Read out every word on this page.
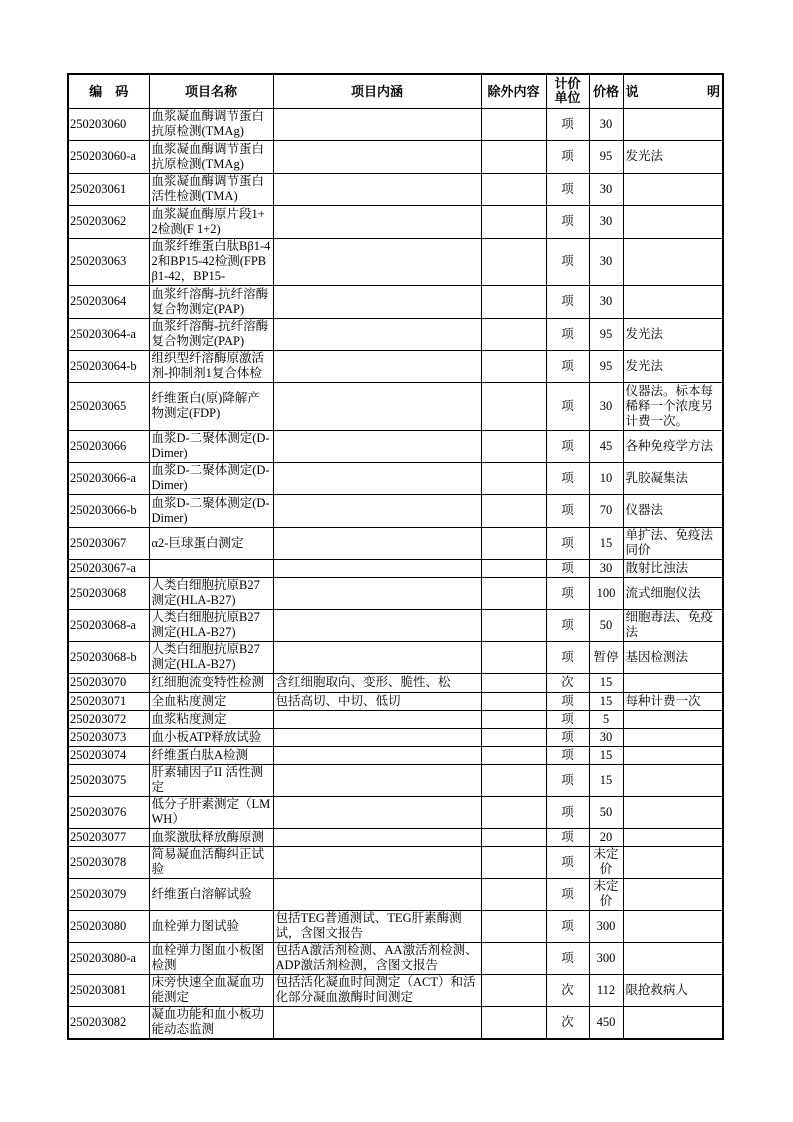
编　码	项目名称	项目内涵	除外内容	计价单位	价格	说 明

250203060	血浆凝血酶调节蛋白抗原检测(TMAg)			项	30	

250203060-a	血浆凝血酶调节蛋白抗原检测(TMAg)			项	95	发光法

250203061	血浆凝血酶调节蛋白活性检测(TMA)			项	30	

250203062	血浆凝血酶原片段1+2检测(F 1+2)			项	30	

250203063	血浆纤维蛋白肽Bβ1-42和BP15-42检测(FPBβ1-42，BP15-			项	30	

250203064	血浆纤溶酶-抗纤溶酶复合物测定(PAP)			项	30	

250203064-a	血浆纤溶酶-抗纤溶酶复合物测定(PAP)			项	95	发光法

250203064-b	组织型纤溶酶原激活剂-抑制剂1复合体检			项	95	发光法

250203065	纤维蛋白(原)降解产物测定(FDP)			项	30	仪器法。标本每稀释一个浓度另计费一次。

250203066	血浆D-二聚体测定(D-Dimer)			项	45	各种免疫学方法

250203066-a	血浆D-二聚体测定(D-Dimer)			项	10	乳胶凝集法

250203066-b	血浆D-二聚体测定(D-Dimer)			项	70	仪器法

250203067	α2-巨球蛋白测定			项	15	单扩法、免疫法同价

250203067-a				项	30	散射比浊法

250203068	人类白细胞抗原B27测定(HLA-B27)			项	100	流式细胞仪法

250203068-a	人类白细胞抗原B27测定(HLA-B27)			项	50	细胞毒法、免疫法

250203068-b	人类白细胞抗原B27测定(HLA-B27)			项	暂停	基因检测法

250203070	红细胞流变特性检测	含红细胞取向、变形、脆性、松		次	15	

250203071	全血粘度测定	包括高切、中切、低切		项	15	每种计费一次

250203072	血浆粘度测定			项	5	

250203073	血小板ATP释放试验			项	30	

250203074	纤维蛋白肽A检测			项	15	

250203075	肝素辅因子II 活性测定			项	15	

250203076	低分子肝素测定（LMWH）			项	50	

250203077	血浆激肽释放酶原测			项	20	

250203078	简易凝血活酶纠正试验			项	未定价	

250203079	纤维蛋白溶解试验			项	未定价	

250203080	血栓弹力图试验	包括TEG普通测试、TEG肝素酶测试，含图文报告		项	300	

250203080-a	血栓弹力图血小板图检测	包括A激活剂检测、AA激活剂检测、ADP激活剂检测，含图文报告		项	300	

250203081	床旁快速全血凝血功能测定	包括活化凝血时间测定（ACT）和活化部分凝血激酶时间测定		次	112	限抢救病人

250203082	凝血功能和血小板功能动态监测			次	450	
